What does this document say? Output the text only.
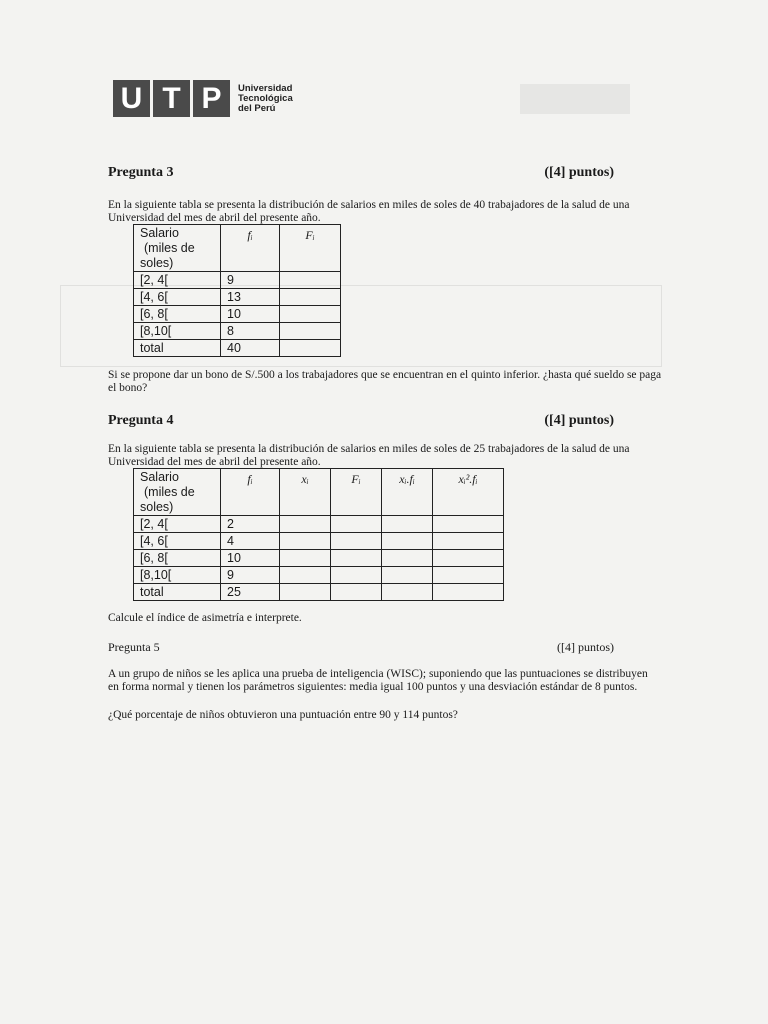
U T P	Universidad
Tecnológica
del Perú
Pregunta 3	([4] puntos)
En la siguiente tabla se presenta la distribución de salarios en miles de soles de 40 trabajadores de la salud de una Universidad del mes de abril del presente año.
Salario
(miles de
soles)	fᵢ	Fᵢ
[2, 4[	9	
[4, 6[	13	
[6, 8[	10	
[8,10[	8	
total	40	
Si se propone dar un bono de S/.500 a los trabajadores que se encuentran en el quinto inferior. ¿hasta qué sueldo se paga el bono?
Pregunta 4	([4] puntos)
En la siguiente tabla se presenta la distribución de salarios en miles de soles de 25 trabajadores de la salud de una Universidad del mes de abril del presente año.
Salario
(miles de
soles)	fᵢ	xᵢ	Fᵢ	xᵢ.fᵢ	xᵢ².fᵢ
[2, 4[	2				
[4, 6[	4				
[6, 8[	10				
[8,10[	9				
total	25				
Calcule el índice de asimetría e interprete.
Pregunta 5	([4] puntos)
A un grupo de niños se les aplica una prueba de inteligencia (WISC); suponiendo que las puntuaciones se distribuyen en forma normal y tienen los parámetros siguientes: media igual 100 puntos y una desviación estándar de 8 puntos.
¿Qué porcentaje de niños obtuvieron una puntuación entre 90 y 114 puntos?
